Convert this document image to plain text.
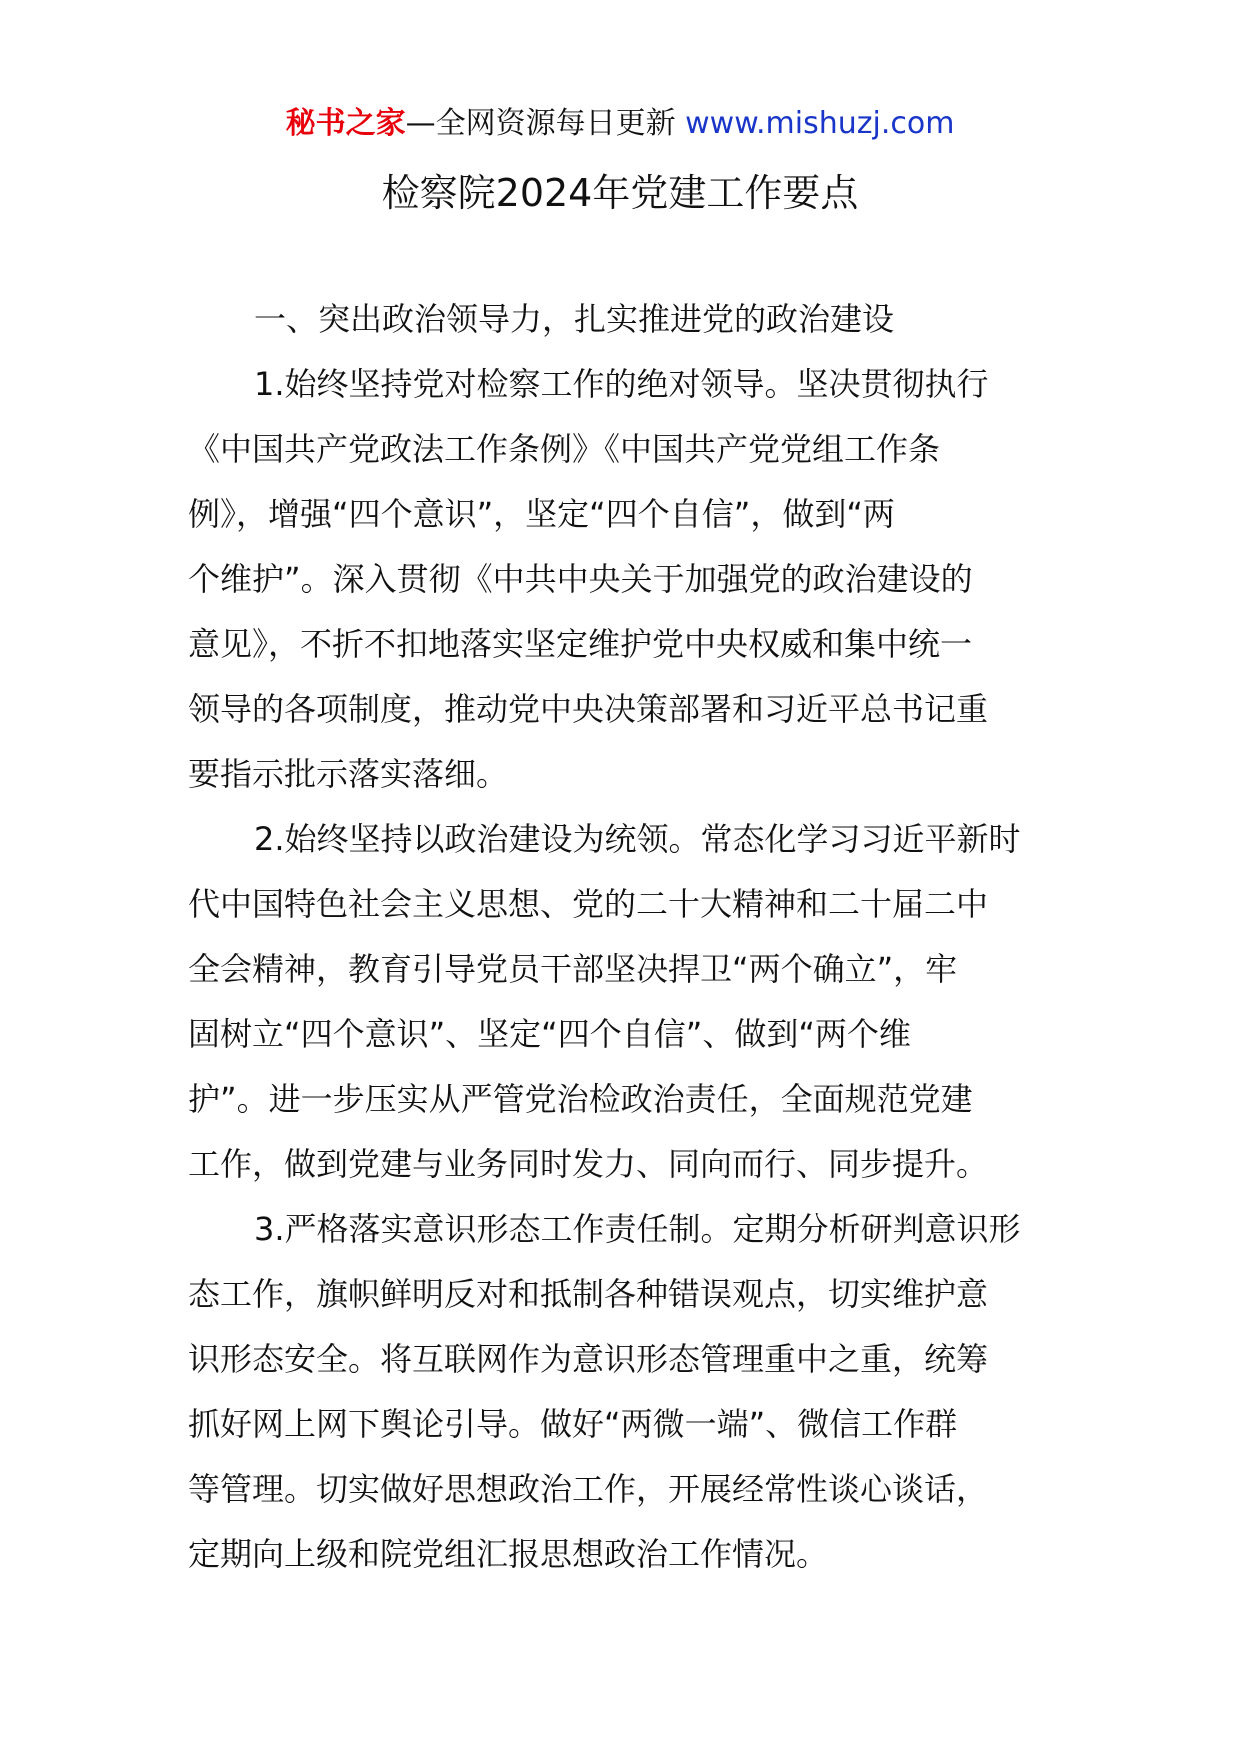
秘书之家—全网资源每日更新 www.mishuzj.com
检察院2024年党建工作要点
一、突出政治领导力，扎实推进党的政治建设
1.始终坚持党对检察工作的绝对领导。坚决贯彻执行
《中国共产党政法工作条例》《中国共产党党组工作条
例》，增强“四个意识”，坚定“四个自信”，做到“两
个维护”。深入贯彻《中共中央关于加强党的政治建设的
意见》，不折不扣地落实坚定维护党中央权威和集中统一
领导的各项制度，推动党中央决策部署和习近平总书记重
要指示批示落实落细。
2.始终坚持以政治建设为统领。常态化学习习近平新时
代中国特色社会主义思想、党的二十大精神和二十届二中
全会精神，教育引导党员干部坚决捍卫“两个确立”，牢
固树立“四个意识”、坚定“四个自信”、做到“两个维
护”。进一步压实从严管党治检政治责任，全面规范党建
工作，做到党建与业务同时发力、同向而行、同步提升。
3.严格落实意识形态工作责任制。定期分析研判意识形
态工作，旗帜鲜明反对和抵制各种错误观点，切实维护意
识形态安全。将互联网作为意识形态管理重中之重，统筹
抓好网上网下舆论引导。做好“两微一端”、微信工作群
等管理。切实做好思想政治工作，开展经常性谈心谈话，
定期向上级和院党组汇报思想政治工作情况。
